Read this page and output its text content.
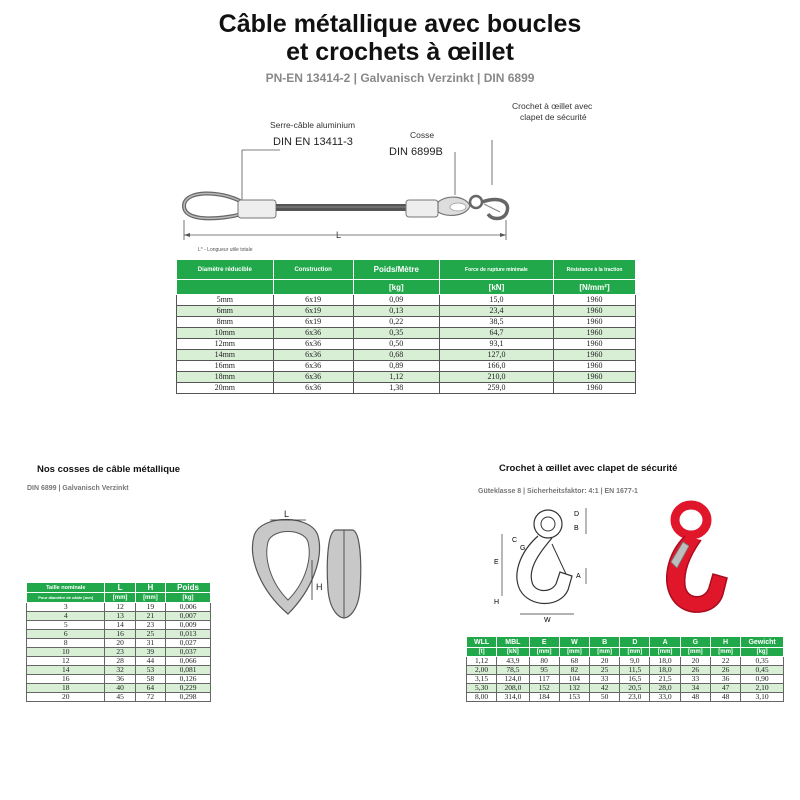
Câble métallique avec boucles
et crochets à œillet
PN-EN 13414-2 | Galvanisch Verzinkt | DIN 6899
Serre-câble aluminium
DIN EN 13411-3
Cosse
DIN 6899B
Crochet à œillet avec
clapet de sécurité
L
L* - Longueur utile totale
Diamètre réducible	Construction	Poids/Mètre	Force de rupture minimale	Résistance à la traction
		[kg]	[kN]	[N/mm²]
5mm	6x19	0,09	15,0	1960
6mm	6x19	0,13	23,4	1960
8mm	6x19	0,22	38,5	1960
10mm	6x36	0,35	64,7	1960
12mm	6x36	0,50	93,1	1960
14mm	6x36	0,68	127,0	1960
16mm	6x36	0,89	166,0	1960
18mm	6x36	1,12	210,0	1960
20mm	6x36	1,38	259,0	1960
Nos cosses de câble métallique
DIN 6899 | Galvanisch Verzinkt
L
H
Taille nominale	L	H	Poids
Pour diamètre de câble [mm]	[mm]	[mm]	[kg]
3	12	19	0,006
4	13	21	0,007
5	14	23	0,009
6	16	25	0,013
8	20	31	0,027
10	23	39	0,037
12	28	44	0,066
14	32	53	0,081
16	36	58	0,126
18	40	64	0,229
20	45	72	0,298
Crochet à œillet avec clapet de sécurité
Güteklasse 8 | Sicherheitsfaktor: 4:1 | EN 1677-1
E
W
D
B
A
C
G
H
WLL	MBL	E	W	B	D	A	G	H	Gewicht
[t]	[kN]	[mm]	[mm]	[mm]	[mm]	[mm]	[mm]	[mm]	[kg]
1,12	43,9	80	68	20	9,0	18,0	20	22	0,35
2,00	78,5	95	82	25	11,5	18,0	26	26	0,45
3,15	124,0	117	104	33	16,5	21,5	33	36	0,90
5,30	208,0	152	132	42	20,5	28,0	34	47	2,10
8,00	314,0	184	153	50	23,0	33,0	48	48	3,10
